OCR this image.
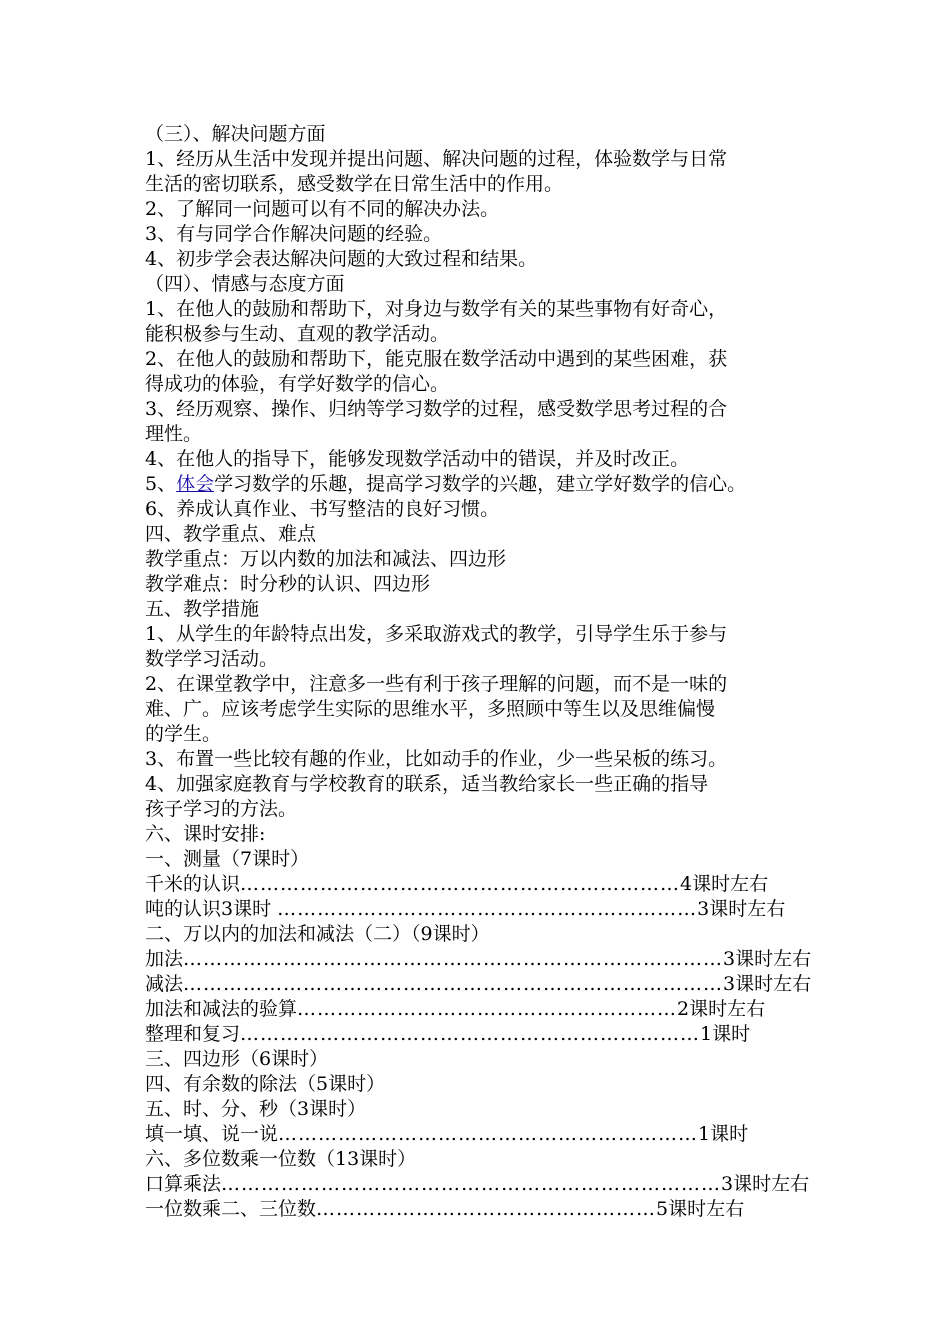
（三）、解决问题方面
1、经历从生活中发现并提出问题、解决问题的过程，体验数学与日常
生活的密切联系，感受数学在日常生活中的作用。
2、了解同一问题可以有不同的解决办法。
3、有与同学合作解决问题的经验。
4、初步学会表达解决问题的大致过程和结果。
（四）、情感与态度方面
1、在他人的鼓励和帮助下，对身边与数学有关的某些事物有好奇心，
能积极参与生动、直观的教学活动。
2、在他人的鼓励和帮助下，能克服在数学活动中遇到的某些困难，获
得成功的体验，有学好数学的信心。
3、经历观察、操作、归纳等学习数学的过程，感受数学思考过程的合
理性。
4、在他人的指导下，能够发现数学活动中的错误，并及时改正。
5、体会学习数学的乐趣，提高学习数学的兴趣，建立学好数学的信心。
6、养成认真作业、书写整洁的良好习惯。
四、教学重点、难点
教学重点：万以内数的加法和减法、四边形
教学难点：时分秒的认识、四边形
五、教学措施
1、从学生的年龄特点出发，多采取游戏式的教学，引导学生乐于参与
数学学习活动。
2、在课堂教学中，注意多一些有利于孩子理解的问题，而不是一味的
难、广。应该考虑学生实际的思维水平，多照顾中等生以及思维偏慢
的学生。
3、布置一些比较有趣的作业，比如动手的作业，少一些呆板的练习。
4、加强家庭教育与学校教育的联系，适当教给家长一些正确的指导
孩子学习的方法。
六、课时安排:
一、测量（7课时）
千米的认识 ………………………………………………………… 4课时左右
吨的认识3课时 ……………………………………………………… 3课时左右
二、万以内的加法和减法（二）（9课时）
加法 ……………………………………………………………………… 3课时左右
减法 ……………………………………………………………………… 3课时左右
加法和减法的验算 ………………………………………………… 2课时左右
整理和复习 …………………………………………………………… 1课时
三、四边形（6课时）
四、有余数的除法（5课时）
五、时、分、秒（3课时）
填一填、说一说 ……………………………………………………… 1课时
六、多位数乘一位数（13课时）
口算乘法 ………………………………………………………………… 3课时左右
一位数乘二、三位数 …………………………………………… 5课时左右
